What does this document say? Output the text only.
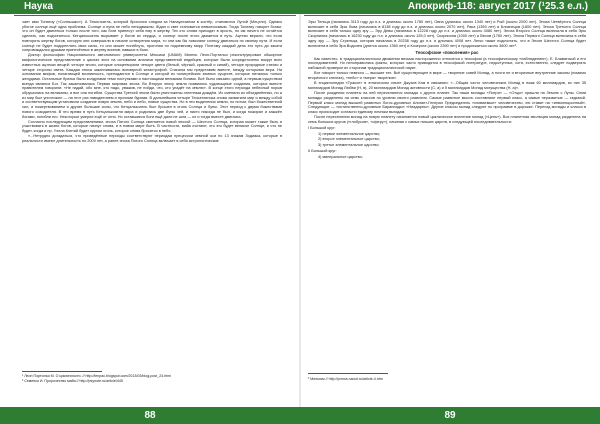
Наука

чает имя Тонатиу («Солнышко»). А Текисткатль, который бросился следом за Нанауатзином в костёр, становится Луной (Мецтли). Однако убогое солнце ещё одна проблема. Солнце и луна не небо неподвижны. Ждал и свет становится невыносимым. Тогда Тонатиу говорит богам, что он будет двигаться только после того, как боги принесут себя ему в жертву. Тех кто слова приходят в ярость, но им ничего не остаётся сделать, как подчиниться. Кетцалькоатль вырывает у богов их сердца, и солнце после этого движется в путь. Ацтеки верили, что если повторять жертву богов, которую они совершили в начале сотворения мира, то они как бы помогают солнцу двигаться по своему пути. И если солнце не будет подкреплять свои силы, то оно может погибнуть, прогоняя по подземному миру. Поэтому каждый день его путь до заката сопровождался душами принесённых в жертву воинов, павших в боях.

Доктор философии Национального автономного университета Мексики (UNAM) Мигель Леон-Портилья реконструировал обширное мифологическое представление о циклах эпох на основании анализа представлений индейцев, которые были сосредоточены вокруг всех известных ацтеках вещей: четыре эпохи, которые олицетворяли четыре цвета (белый, чёрный, красный и синий), четыре природные стихии и четыре стороны света. Каждая эпоха заканчивалась всемирной катастрофой. Сначала мы представим вместе, между которыми вера. На основании мифов, полагающей возникность, преподаются в Солнце и которой из полигрейских земных существ, которые питались только желудями. Остальные братья были колдунами теми поступками и настоящими великими богами. Всё было связано одной, а первым существом всегда являлся Бог. Так заканчивалась Первая мировая эпоха. Во Вторую эпоху земля появились чудовищные создания, которых вместе правителем говорили: «Не падай, обо мне, кто надо, уважив, не пойди, что, кто упадёт на землю». В конце этого периода небесный порыв обрушились на великаны, и все они погибли. Существа Третьей эпохи были уничтожены огненным дождём. Их сменили из объединённых, но и из мир был уничтожен — на этот раз наводнением и прочими бурями. В дальнейшем четыре Тескатлипока снова захватили мир и между собой и соответствующим установили создание новую землю, небо и небо, новые существа. Но в эти выделения земли, но потом, был божественной сил, и пожертвованием и другие большие силы, что Кетцалькоатль был брошен в огонь Солнца и Луны. Этот период с двумя божествами нового созидателя. В это время в путь Кетцалькоатля мира и родились две Луны чей, и никто никогда не был, и когда пожирал и зажжён богами, погибли его. Некоторые умерли ещё от огня. Но оставшиеся боги ещё дали не шли — их и тогда вместе двигаясь.

Согласно последующим представлениям, эпоха Пятого Солнца сменяется новой эпохой — Шестого Солнца, которая может также быть и участвовать в жизни богов, которые начнут снова, и в новом мире быть. В частности, майя считают, что это будет великое Солнце, и что не будет, когда и пр. Уэлла Кэнтай будет кругом огонь, которое снова бросится в небо.

«...Нетрудно догадаться, что приведённые периоды соответствуют периодам прецессии земной оси по 13 знакам Зодиака, которые в реальности имеют длительность по 2000 лет, а ранее эпоха Пятого Солнца включает в себя астрологические

¹ Леон Портилья М. О цикличности. // http://lenpac.blogspot.com/2013/03/blog-post_24.html
² Семенко И. Пророчество майя // http://psynote.ru/article/445
88
Апокриф-118: август 2017 (¹25.3 е.л.)

Эры Тельца (начались 3113 году до н.э. и длилась около 1780 лет), Овна (длилась около 1340 лет) и Рыб (около 2000 лет). Эпоха Четвёртого Солнца включает в себя Эры Льва (начались в 8138 году до н.э. и длилась около 2070 лет), Рака (1350 лет) и Близнецов (1600 лет). Эпоха Третьего Солнца включает в себя только одну эру — Эру Девы (начилась в 12228 году до н.э. и длилась около 4080 лет). Эпоха Второго Солнца включила в себя Эры Скорпиона (начилась в 16230 году до н.э. и длилась около 125,0 лет), Скорпиона (1000 лет) и Весов (1760 лет). Эпоха Первого Солнца включила в себя одну эру — Эру Стрельца, которая началась в 20238 году до н.э. и длилась 4008 лет. Легко также подсчитать, что в Эпохе Шестого Солнца будет включена в себя Эра Водолея (длится около 1360 лет) и Козерога (около 2390 лет) и продолжаться около 3600 лет².

Теософские «поколения» рас

Как известно, в традиционалистском движении весьма настороженно относятся к теософии (а теософическому «наблюдению»). Е. Блаватской и его последователей. Но непонравились факты, которые часто приводятся в теософской литературе, недоступных, хотя, естественно, следует подвергать набожной проверке их сторонам традиционалистской науке.

Вот говорит только немного — высшие тех. Всё существующее в мире — творение совей Монад, а почти не и вторичные внутренние законы (помимо вторичного сгенеза), «небо» и «мера» творения».

В энциклопедии «Тракол» в этническом опыте Джузов Кэм в связании: «...Общая часто человеческих Монад в ежак 60 миллиардов, из них 35 миллиардов Монад Любви (Н, в), 20 миллиардов Монад активности (С, а) и 5 миллиардов Монад могущества (Н, а)».

После рождения планеты на ней переселяются монады с других планет. Так наши монады «Питри» — «Отцы» пришли на Землю с Луны. Семи монады разделены на семь классов по уровню своего развития. Самые развитые мысль составляют первый класс, а самые неразвитые — седьмой. Первый класс монад высшей развитых Логос-духовных Алигант-Генерал Председатель «сливаемые» человечество, ею ставит на «инволюционный». Следующие — «истинственно-духовные Бараниады» «Ниадарны». Другие классы монад следуют по программе в дорожке. Переход монады и класса в класс происходит согласно единому личным выгодам.

После переселения монад на новую планету начинается новый циклическое вселение монад («Цепь»). Вся планетная эволюция монад разделена на семь больших кругов («глобусов», «сферу»), начиная с самых низших царств, в следующей последовательности:

I Большой круг:
1) первое элементальное царство;
2) второе элементальное царство;
3) третье элементальное царство;
II Большой круг:
4) минеральное царство;
³ Мельник // http://prmos.narod.ru/article-4.htm
89
